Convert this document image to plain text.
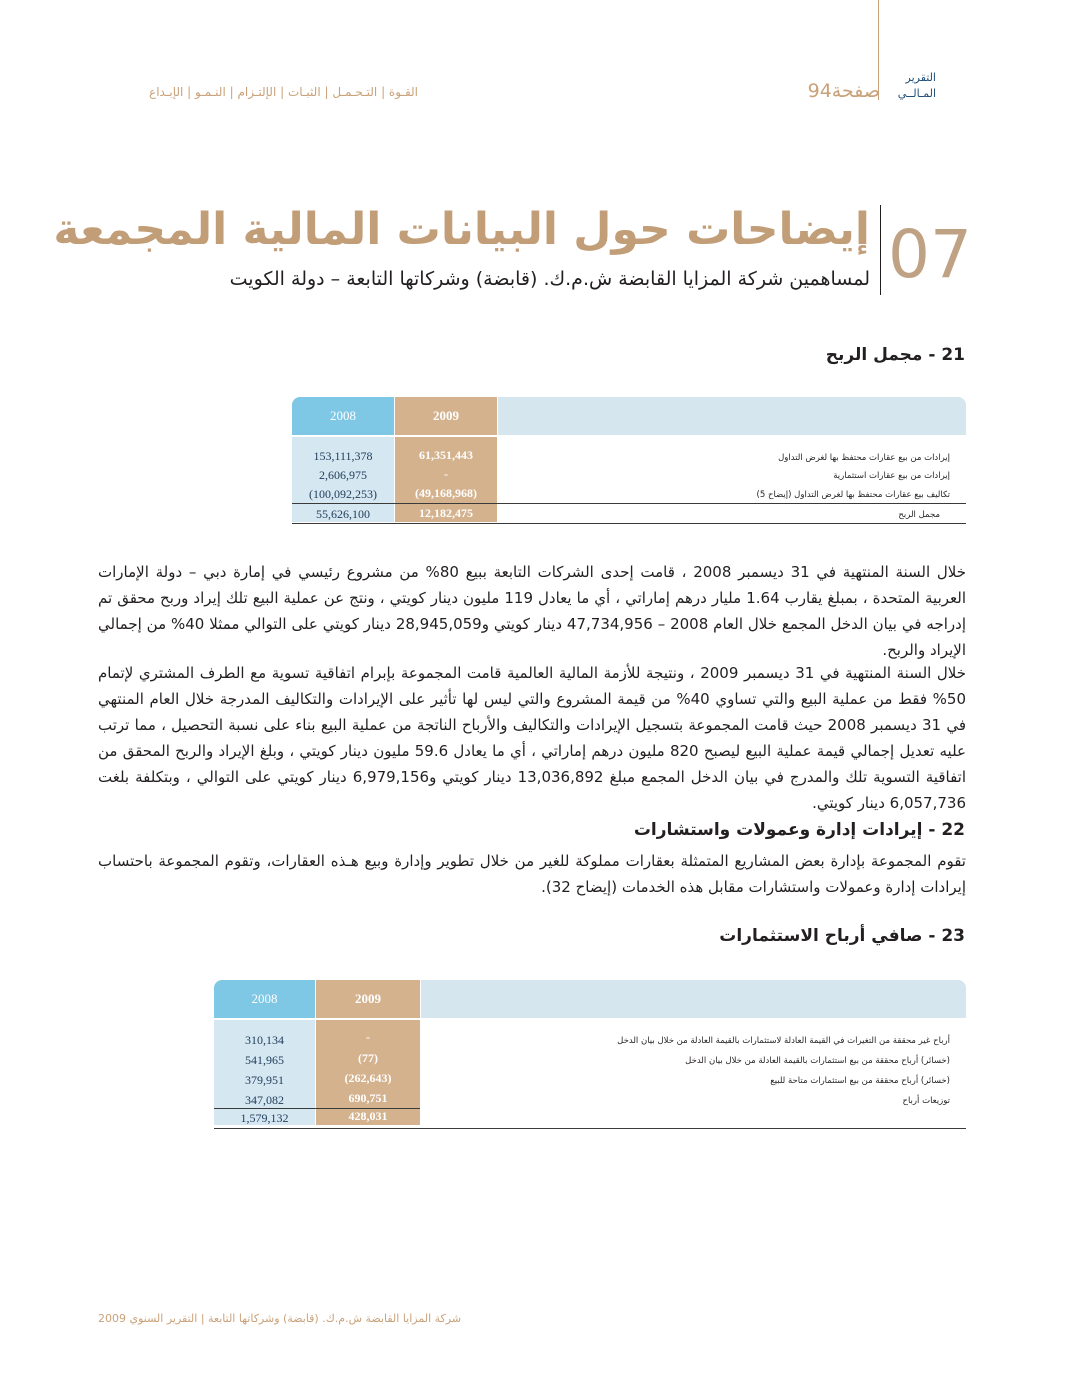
القـوة | التـحـمـل | الثبـات | الإلتـزام | النـمـو | الإبـداع	صفحة94
التقرير
المـالــي
07
إيضاحات حول البيانات المالية المجمعة
لمساهمين شركة المزايا القابضة ش.م.ك. (قابضة) وشركاتها التابعة – دولة الكويت
21 - مجمل الربح
2008	2009
153,111,378	61,351,443	إيرادات من بيع عقارات محتفظ بها لغرض التداول
2,606,975	-	إيرادات من بيع عقارات استثمارية
(100,092,253)	(49,168,968)	تكاليف بيع عقارات محتفظ بها لغرض التداول (إيضاح 5)
55,626,100	12,182,475	مجمل الربح
خلال السنة المنتهية في 31 ديسمبر 2008 ، قامت إحدى الشركات التابعة ببيع 80% من مشروع رئيسي في إمارة دبي – دولة الإمارات العربية المتحدة ، بمبلغ يقارب 1.64 مليار درهم إماراتي ، أي ما يعادل 119 مليون دينار كويتي ، ونتج عن عملية البيع تلك إيراد وربح محقق تم إدراجه في بيان الدخل المجمع خلال العام 2008 – 47,734,956 دينار كويتي و28,945,059 دينار كويتي على التوالي ممثلا 40% من إجمالي الإيراد والربح.
خلال السنة المنتهية في 31 ديسمبر 2009 ، ونتيجة للأزمة المالية العالمية قامت المجموعة بإبرام اتفاقية تسوية مع الطرف المشتري لإتمام 50% فقط من عملية البيع والتي تساوي 40% من قيمة المشروع والتي ليس لها تأثير على الإيرادات والتكاليف المدرجة خلال العام المنتهي في 31 ديسمبر 2008 حيث قامت المجموعة بتسجيل الإيرادات والتكاليف والأرباح الناتجة من عملية البيع بناء على نسبة التحصيل ، مما ترتب عليه تعديل إجمالي قيمة عملية البيع ليصبح 820 مليون درهم إماراتي ، أي ما يعادل 59.6 مليون دينار كويتي ، وبلغ الإيراد والربح المحقق من اتفاقية التسوية تلك والمدرج في بيان الدخل المجمع مبلغ 13,036,892 دينار كويتي و6,979,156 دينار كويتي على التوالي ، وبتكلفة بلغت 6,057,736 دينار كويتي.
22 - إيرادات إدارة وعمولات واستشارات
تقوم المجموعة بإدارة بعض المشاريع المتمثلة بعقارات مملوكة للغير من خلال تطوير وإدارة وبيع هـذه العقارات، وتقوم المجموعة باحتساب إيرادات إدارة وعمولات واستشارات مقابل هذه الخدمات (إيضاح 32).
23 - صافي أرباح الاستثمارات
2008	2009
310,134	-	أرباح غير محققة من التغيرات في القيمة العادلة لاستثمارات بالقيمة العادلة من خلال بيان الدخل
541,965	(77)	(خسائر) أرباح محققة من بيع استثمارات بالقيمة العادلة من خلال بيان الدخل
379,951	(262,643)	(خسائر) أرباح محققة من بيع استثمارات متاحة للبيع
347,082	690,751	توزيعات أرباح
1,579,132	428,031
شركة المزايا القابضة ش.م.ك. (قابضة) وشركاتها التابعة | التقرير السنوي 2009
